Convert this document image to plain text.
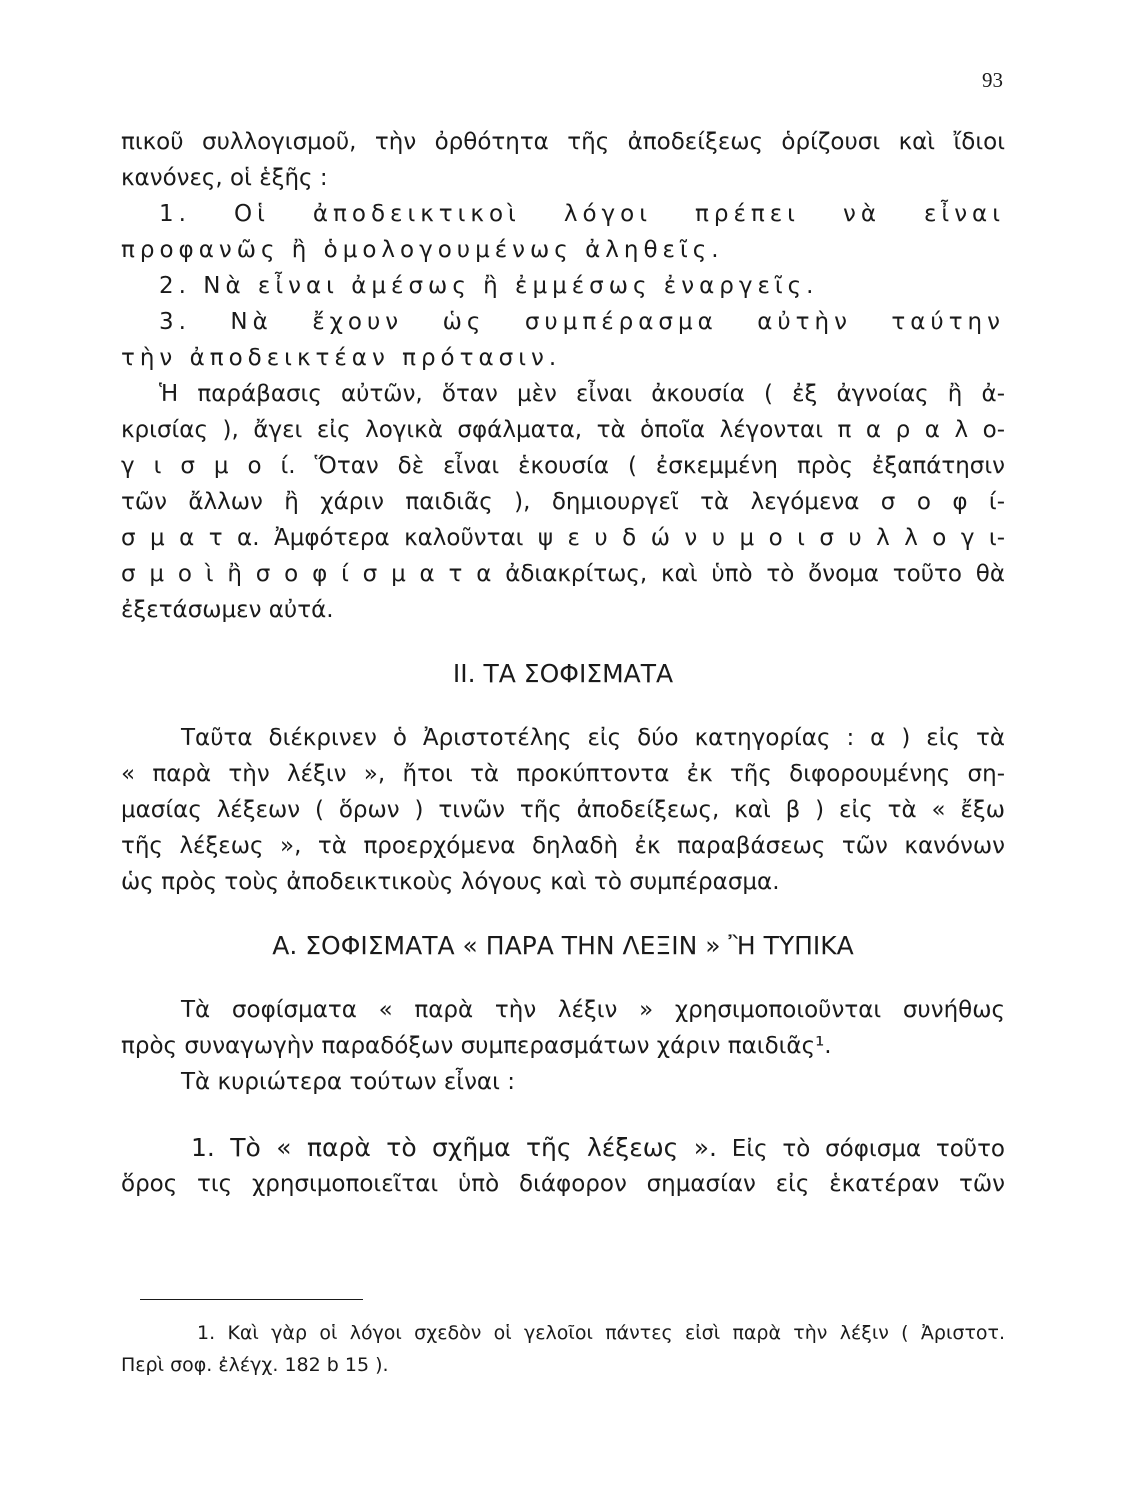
93
πικοῦ συλλογισμοῦ, τὴν ὀρθότητα τῆς ἀποδείξεως ὁρίζουσι καὶ ἴδιοι
κανόνες, οἱ ἑξῆς :
1. Οἱ ἀποδεικτικοὶ λόγοι πρέπει νὰ εἶναι
προφανῶς ἢ ὁμολογουμένως ἀληθεῖς.
2. Νὰ εἶναι ἀμέσως ἢ ἐμμέσως ἐναργεῖς.
3. Νὰ ἔχουν ὡς συμπέρασμα αὐτὴν ταύτην
τὴν ἀποδεικτέαν πρότασιν.
Ἡ παράβασις αὐτῶν, ὅταν μὲν εἶναι ἀκουσία ( ἐξ ἀγνοίας ἢ ἀ-
κρισίας ), ἄγει εἰς λογικὰ σφάλματα, τὰ ὁποῖα λέγονται π α ρ α λ ο-
γ ι σ μ ο ί. Ὅταν δὲ εἶναι ἑκουσία ( ἐσκεμμένη πρὸς ἐξαπάτησιν
τῶν ἄλλων ἢ χάριν παιδιᾶς ), δημιουργεῖ τὰ λεγόμενα σ ο φ ί-
σ μ α τ α. Ἀμφότερα καλοῦνται ψ ε υ δ ώ ν υ μ ο ι σ υ λ λ ο γ ι-
σ μ ο ὶ ἢ σ ο φ ί σ μ α τ α ἀδιακρίτως, καὶ ὑπὸ τὸ ὄνομα τοῦτο θὰ
ἐξετάσωμεν αὐτά.
II. ΤΑ ΣΟΦΙΣΜΑΤΑ
Ταῦτα διέκρινεν ὁ Ἀριστοτέλης εἰς δύο κατηγορίας : α ) εἰς τὰ
« παρὰ τὴν λέξιν », ἤτοι τὰ προκύπτοντα ἐκ τῆς διφορουμένης ση-
μασίας λέξεων ( ὅρων ) τινῶν τῆς ἀποδείξεως, καὶ β ) εἰς τὰ « ἔξω
τῆς λέξεως », τὰ προερχόμενα δηλαδὴ ἐκ παραβάσεως τῶν κανόνων
ὡς πρὸς τοὺς ἀποδεικτικοὺς λόγους καὶ τὸ συμπέρασμα.
Α. ΣΟΦΙΣΜΑΤΑ « ΠΑΡΑ ΤΗΝ ΛΕΞΙΝ » Ἢ ΤΥΠΙΚΑ
Τὰ σοφίσματα « παρὰ τὴν λέξιν » χρησιμοποιοῦνται συνήθως
πρὸς συναγωγὴν παραδόξων συμπερασμάτων χάριν παιδιᾶς¹.
Τὰ κυριώτερα τούτων εἶναι :
1. Τὸ « παρὰ τὸ σχῆμα τῆς λέξεως ». Εἰς τὸ σόφισμα τοῦτο
ὅρος τις χρησιμοποιεῖται ὑπὸ διάφορον σημασίαν εἰς ἑκατέραν τῶν
1. Καὶ γὰρ οἱ λόγοι σχεδὸν οἱ γελοῖοι πάντες εἰσὶ παρὰ τὴν λέξιν ( Ἀριστοτ.
Περὶ σοφ. ἐλέγχ. 182 b 15 ).
